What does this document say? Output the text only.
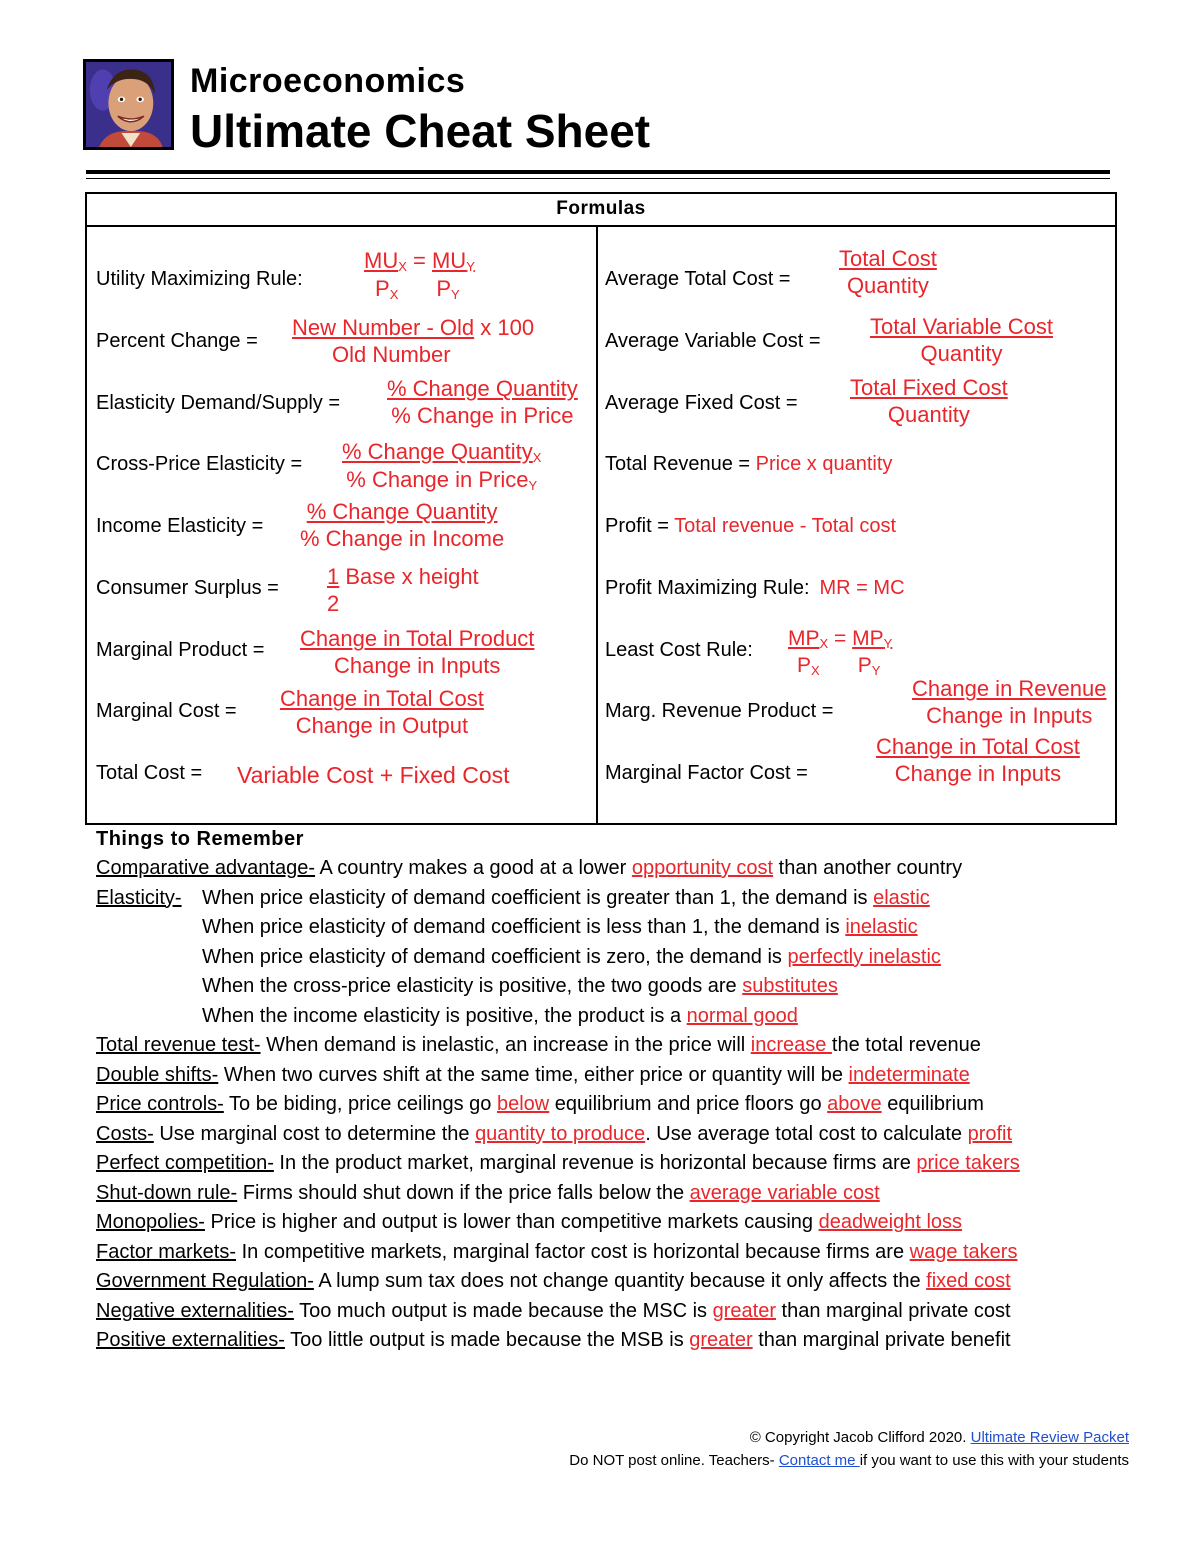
Microeconomics
Ultimate Cheat Sheet
Formulas
Utility Maximizing Rule:
$MU_X = MU_Y$
$P_X$ $P_Y$
Percent Change =
New Number - Old x 100
Old Number
Elasticity Demand/Supply =
% Change Quantity
% Change in Price
Cross-Price Elasticity = % Change Quantity$_X$
% Change in Price$_Y$
Income Elasticity =
% Change Quantity
% Change in Income
Consumer Surplus = 1 Base x height
2
Marginal Product = Change in Total Product
Change in Inputs
Marginal Cost = Change in Total Cost
Change in Output
Total Cost = Variable Cost + Fixed Cost
Average Total Cost =
Total Cost
Quantity
Average Variable Cost =
Total Variable Cost
Quantity
Average Fixed Cost =
Total Fixed Cost
Quantity
Total Revenue = Price x quantity
Profit = Total revenue - Total cost
Profit Maximizing Rule: MR = MC
Least Cost Rule: $MP_X = MP_Y$
$P_X$ $P_Y$
Marg. Revenue Product =
Change in Revenue
Change in Inputs
Marginal Factor Cost =
Change in Total Cost
Change in Inputs
Things to Remember
Comparative advantage- A country makes a good at a lower opportunity cost than another country
Elasticity- When price elasticity of demand coefficient is greater than 1, the demand is elastic
When price elasticity of demand coefficient is less than 1, the demand is inelastic
When price elasticity of demand coefficient is zero, the demand is perfectly inelastic
When the cross-price elasticity is positive, the two goods are substitutes
When the income elasticity is positive, the product is a normal good
Total revenue test- When demand is inelastic, an increase in the price will increase the total revenue
Double shifts- When two curves shift at the same time, either price or quantity will be indeterminate
Price controls- To be biding, price ceilings go below equilibrium and price floors go above equilibrium
Costs- Use marginal cost to determine the quantity to produce. Use average total cost to calculate profit
Perfect competition- In the product market, marginal revenue is horizontal because firms are price takers
Shut-down rule- Firms should shut down if the price falls below the average variable cost
Monopolies- Price is higher and output is lower than competitive markets causing deadweight loss
Factor markets- In competitive markets, marginal factor cost is horizontal because firms are wage takers
Government Regulation- A lump sum tax does not change quantity because it only affects the fixed cost
Negative externalities- Too much output is made because the MSC is greater than marginal private cost
Positive externalities- Too little output is made because the MSB is greater than marginal private benefit
© Copyright Jacob Clifford 2020. Ultimate Review Packet
Do NOT post online. Teachers- Contact me if you want to use this with your students
